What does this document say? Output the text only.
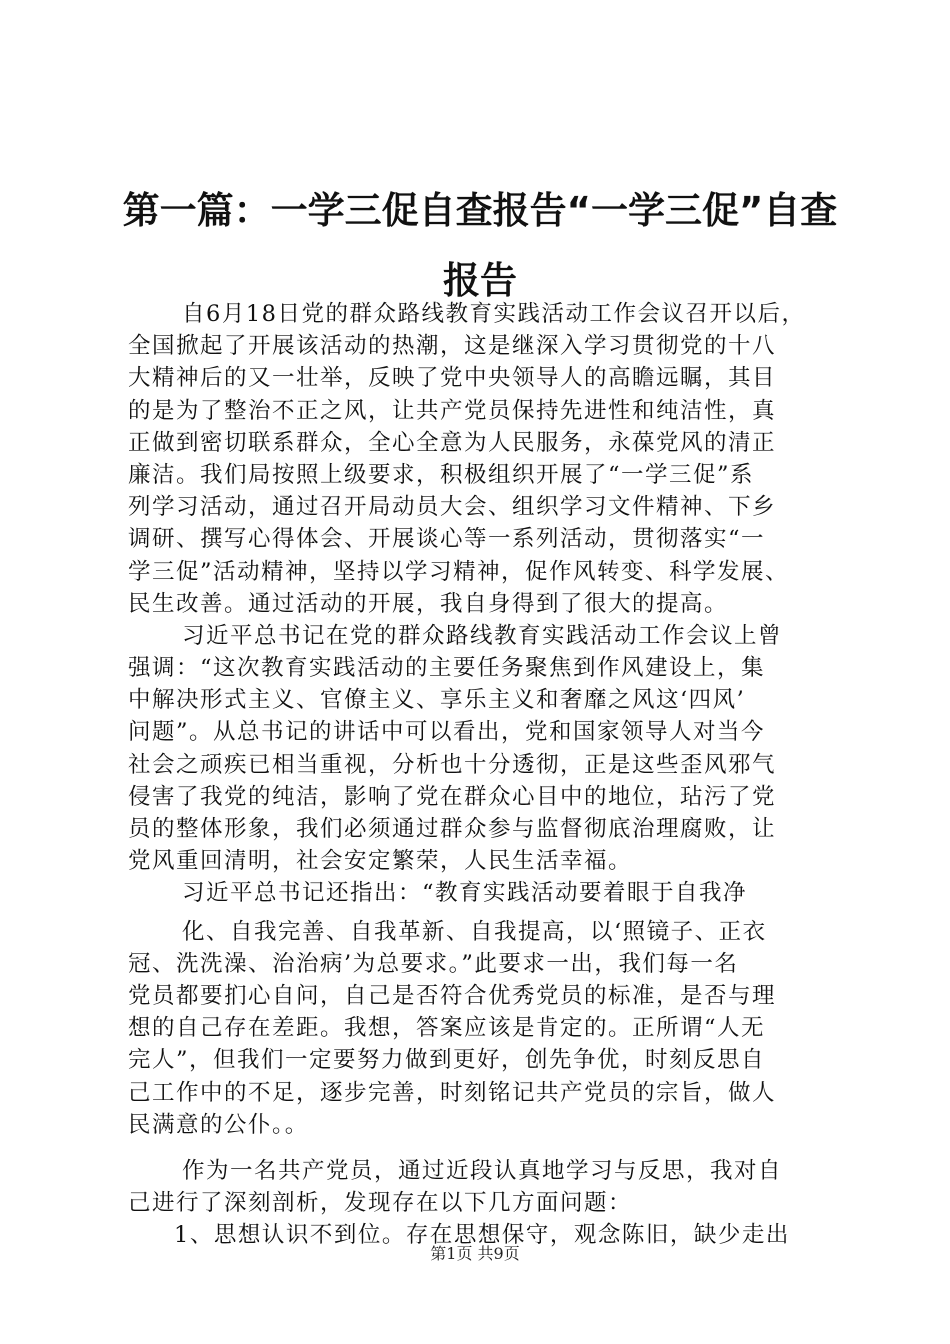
第一篇：一学三促自查报告“一学三促”自查
报告
自6月18日党的群众路线教育实践活动工作会议召开以后，
全国掀起了开展该活动的热潮，这是继深入学习贯彻党的十八
大精神后的又一壮举，反映了党中央领导人的高瞻远瞩，其目
的是为了整治不正之风，让共产党员保持先进性和纯洁性，真
正做到密切联系群众，全心全意为人民服务，永葆党风的清正
廉洁。我们局按照上级要求，积极组织开展了“一学三促”系
列学习活动，通过召开局动员大会、组织学习文件精神、下乡
调研、撰写心得体会、开展谈心等一系列活动，贯彻落实“一
学三促”活动精神，坚持以学习精神，促作风转变、科学发展、
民生改善。通过活动的开展，我自身得到了很大的提高。
习近平总书记在党的群众路线教育实践活动工作会议上曾
强调：“这次教育实践活动的主要任务聚焦到作风建设上，集
中解决形式主义、官僚主义、享乐主义和奢靡之风这‘四风’
问题”。从总书记的讲话中可以看出，党和国家领导人对当今
社会之顽疾已相当重视，分析也十分透彻，正是这些歪风邪气
侵害了我党的纯洁，影响了党在群众心目中的地位，玷污了党
员的整体形象，我们必须通过群众参与监督彻底治理腐败，让
党风重回清明，社会安定繁荣，人民生活幸福。
习近平总书记还指出：“教育实践活动要着眼于自我净
化、自我完善、自我革新、自我提高，以‘照镜子、正衣
冠、洗洗澡、治治病’为总要求。”此要求一出，我们每一名
党员都要扪心自问，自己是否符合优秀党员的标准，是否与理
想的自己存在差距。我想，答案应该是肯定的。正所谓“人无
完人”，但我们一定要努力做到更好，创先争优，时刻反思自
己工作中的不足，逐步完善，时刻铭记共产党员的宗旨，做人
民满意的公仆。。
作为一名共产党员，通过近段认真地学习与反思，我对自
己进行了深刻剖析，发现存在以下几方面问题：
1、思想认识不到位。存在思想保守，观念陈旧，缺少走出
第1页 共9页
